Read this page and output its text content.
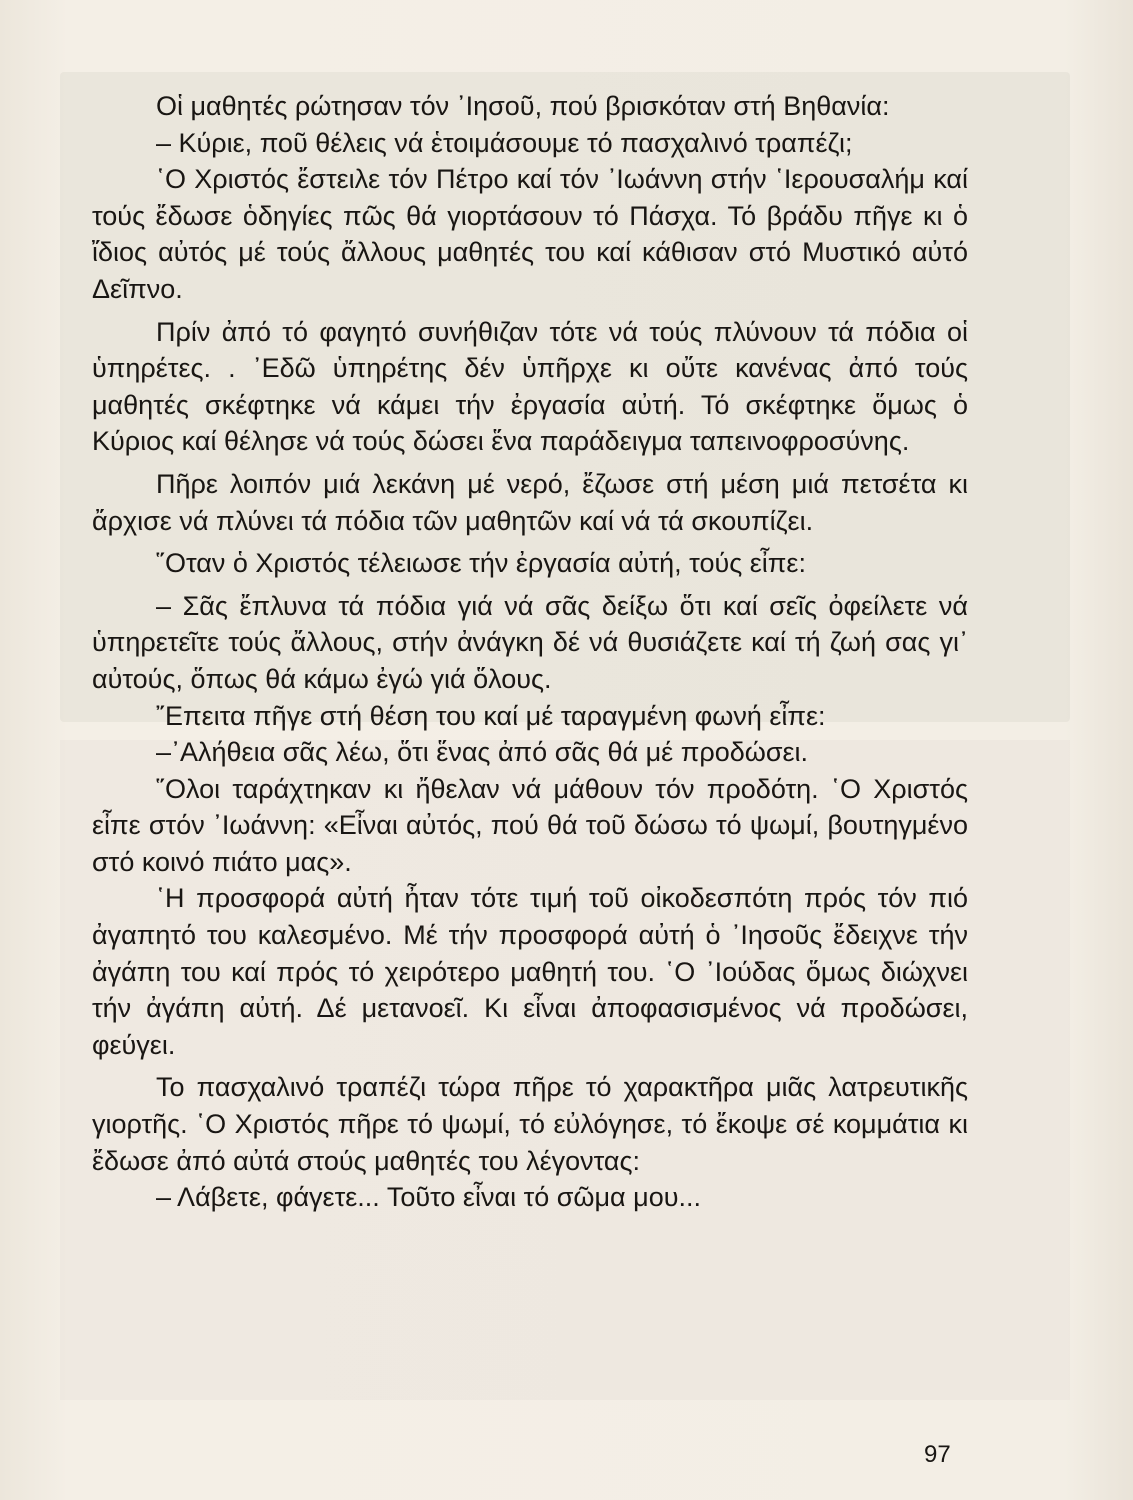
Οἱ μαθητές ρώτησαν τόν ᾿Ιησοῦ, πού βρισκόταν στή Βηθανία:

– Κύριε, ποῦ θέλεις νά ἑτοιμάσουμε τό πασχαλινό τραπέζι;

῾Ο Χριστός ἔστειλε τόν Πέτρο καί τόν ᾿Ιωάννη στήν ῾Ιερουσαλήμ καί τούς ἔδωσε ὁδηγίες πῶς θά γιορτάσουν τό Πάσχα. Τό βράδυ πῆγε κι ὁ ἴδιος αὐτός μέ τούς ἄλλους μαθητές του καί κάθισαν στό Μυστικό αὐτό Δεῖπνο.

Πρίν ἀπό τό φαγητό συνήθιζαν τότε νά τούς πλύνουν τά πόδια οἱ ὑπηρέτες. . ᾿Εδῶ ὑπηρέτης δέν ὑπῆρχε κι οὔτε κανένας ἀπό τούς μαθητές σκέφτηκε νά κάμει τήν ἐργασία αὐτή. Τό σκέφτηκε ὅμως ὁ Κύριος καί θέλησε νά τούς δώσει ἕνα παράδειγμα ταπεινοφροσύνης.

Πῆρε λοιπόν μιά λεκάνη μέ νερό, ἔζωσε στή μέση μιά πετσέτα κι ἄρχισε νά πλύνει τά πόδια τῶν μαθητῶν καί νά τά σκουπίζει.

῞Οταν ὁ Χριστός τέλειωσε τήν ἐργασία αὐτή, τούς εἶπε:

– Σᾶς ἔπλυνα τά πόδια γιά νά σᾶς δείξω ὅτι καί σεῖς ὀφείλετε νά ὑπηρετεῖτε τούς ἄλλους, στήν ἀνάγκη δέ νά θυσιάζετε καί τή ζωή σας γι᾿ αὐτούς, ὅπως θά κάμω ἐγώ γιά ὅλους.

῎Επειτα πῆγε στή θέση του καί μέ ταραγμένη φωνή εἶπε:

–᾿Αλήθεια σᾶς λέω, ὅτι ἕνας ἀπό σᾶς θά μέ προδώσει.

῞Ολοι ταράχτηκαν κι ἤθελαν νά μάθουν τόν προδότη. ῾Ο Χριστός εἶπε στόν ᾿Ιωάννη: «Εἶναι αὐτός, πού θά τοῦ δώσω τό ψωμί, βουτηγμένο στό κοινό πιάτο μας».

῾Η προσφορά αὐτή ἦταν τότε τιμή τοῦ οἰκοδεσπότη πρός τόν πιό ἀγαπητό του καλεσμένο. Μέ τήν προσφορά αὐτή ὁ ᾿Ιησοῦς ἔδειχνε τήν ἀγάπη του καί πρός τό χειρότερο μαθητή του. ῾Ο ᾿Ιούδας ὅμως διώχνει τήν ἀγάπη αὐτή. Δέ μετανοεῖ. Κι εἶναι ἀποφασισμένος νά προδώσει, φεύγει.

Το πασχαλινό τραπέζι τώρα πῆρε τό χαρακτῆρα μιᾶς λατρευτικῆς γιορτῆς. ῾Ο Χριστός πῆρε τό ψωμί, τό εὐλόγησε, τό ἔκοψε σέ κομμάτια κι ἔδωσε ἀπό αὐτά στούς μαθητές του λέγοντας:

– Λάβετε, φάγετε... Τοῦτο εἶναι τό σῶμα μου...

97
